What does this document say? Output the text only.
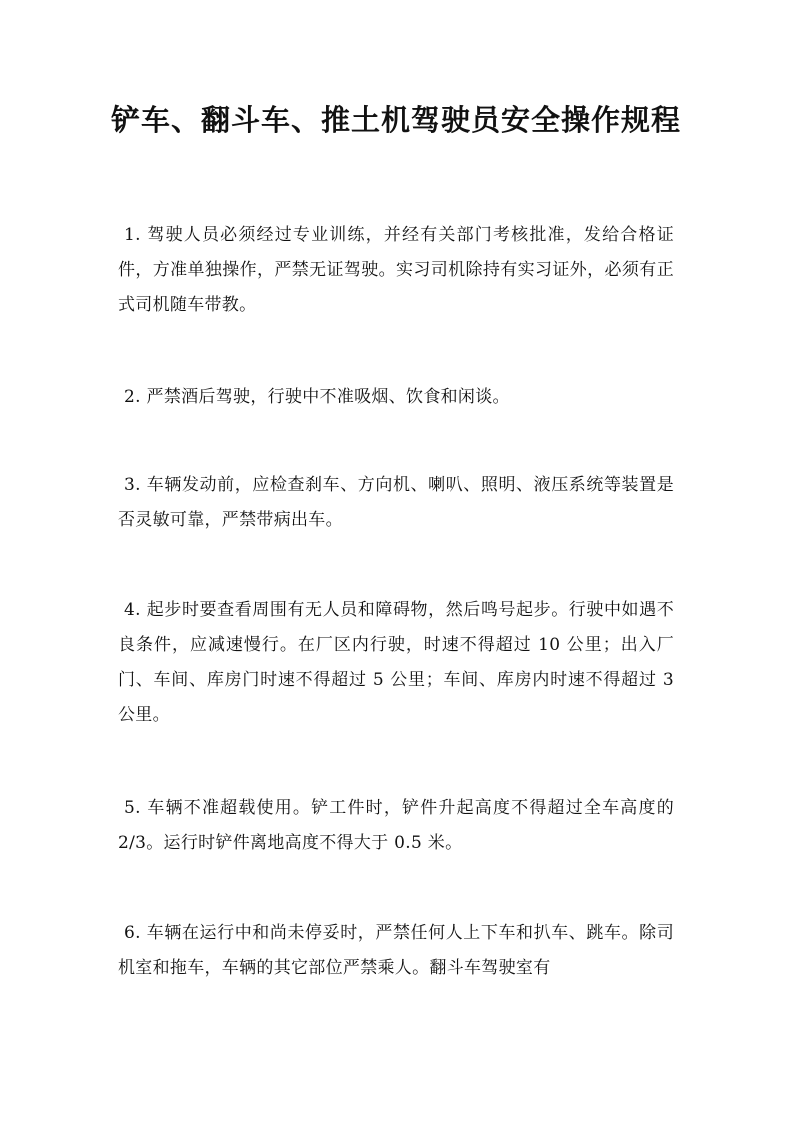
铲车、翻斗车、推土机驾驶员安全操作规程
1. 驾驶人员必须经过专业训练，并经有关部门考核批准，发给合格证件，方准单独操作，严禁无证驾驶。实习司机除持有实习证外，必须有正式司机随车带教。
2. 严禁酒后驾驶，行驶中不准吸烟、饮食和闲谈。
3. 车辆发动前，应检查刹车、方向机、喇叭、照明、液压系统等装置是否灵敏可靠，严禁带病出车。
4. 起步时要查看周围有无人员和障碍物，然后鸣号起步。行驶中如遇不良条件，应减速慢行。在厂区内行驶，时速不得超过 10 公里；出入厂门、车间、库房门时速不得超过 5 公里；车间、库房内时速不得超过 3 公里。
5. 车辆不准超载使用。铲工件时，铲件升起高度不得超过全车高度的 2/3。运行时铲件离地高度不得大于 0.5 米。
6. 车辆在运行中和尚未停妥时，严禁任何人上下车和扒车、跳车。除司机室和拖车，车辆的其它部位严禁乘人。翻斗车驾驶室有
